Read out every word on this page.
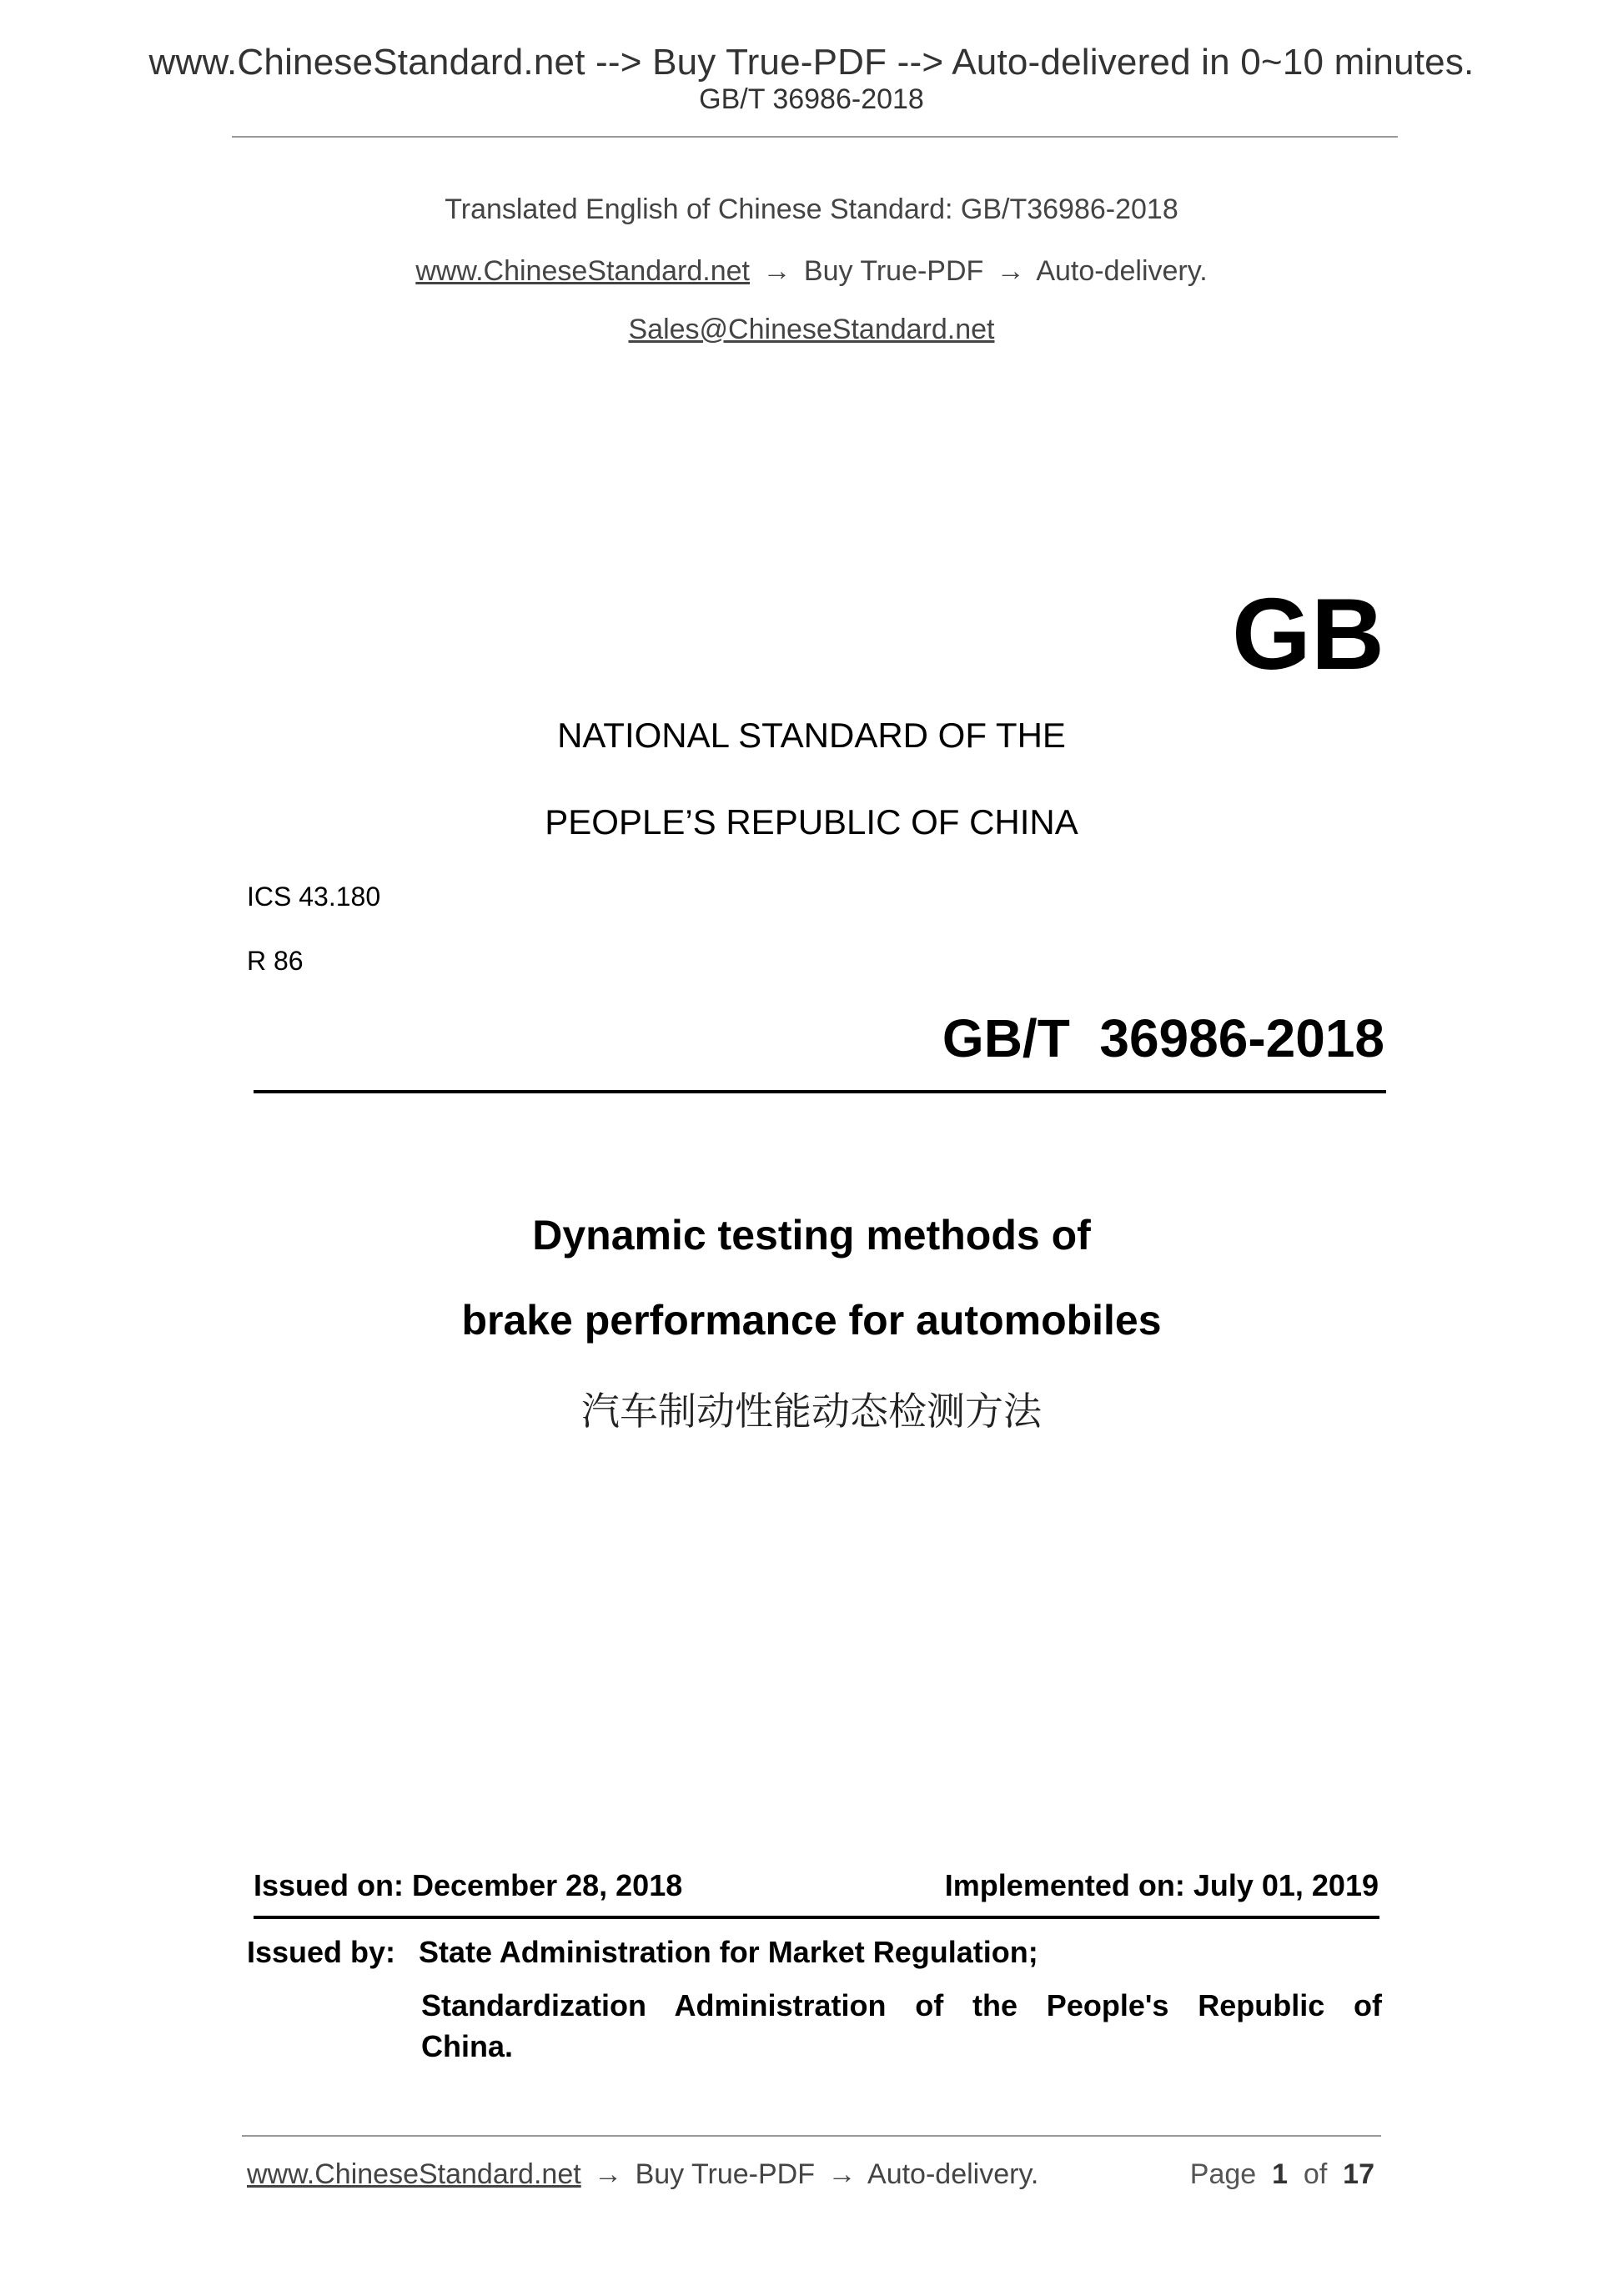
www.ChineseStandard.net --> Buy True-PDF --> Auto-delivered in 0~10 minutes.
GB/T 36986-2018
Translated English of Chinese Standard: GB/T36986-2018
www.ChineseStandard.net → Buy True-PDF → Auto-delivery.
Sales@ChineseStandard.net
GB
NATIONAL STANDARD OF THE
PEOPLE’S REPUBLIC OF CHINA
ICS 43.180
R 86
GB/T  36986-2018
Dynamic testing methods of
brake performance for automobiles
汽车制动性能动态检测方法
Issued on: December 28, 2018	Implemented on: July 01, 2019
Issued by: State Administration for Market Regulation;
Standardization Administration of the People's Republic of
China.
www.ChineseStandard.net → Buy True-PDF → Auto-delivery.	Page 1 of 17
